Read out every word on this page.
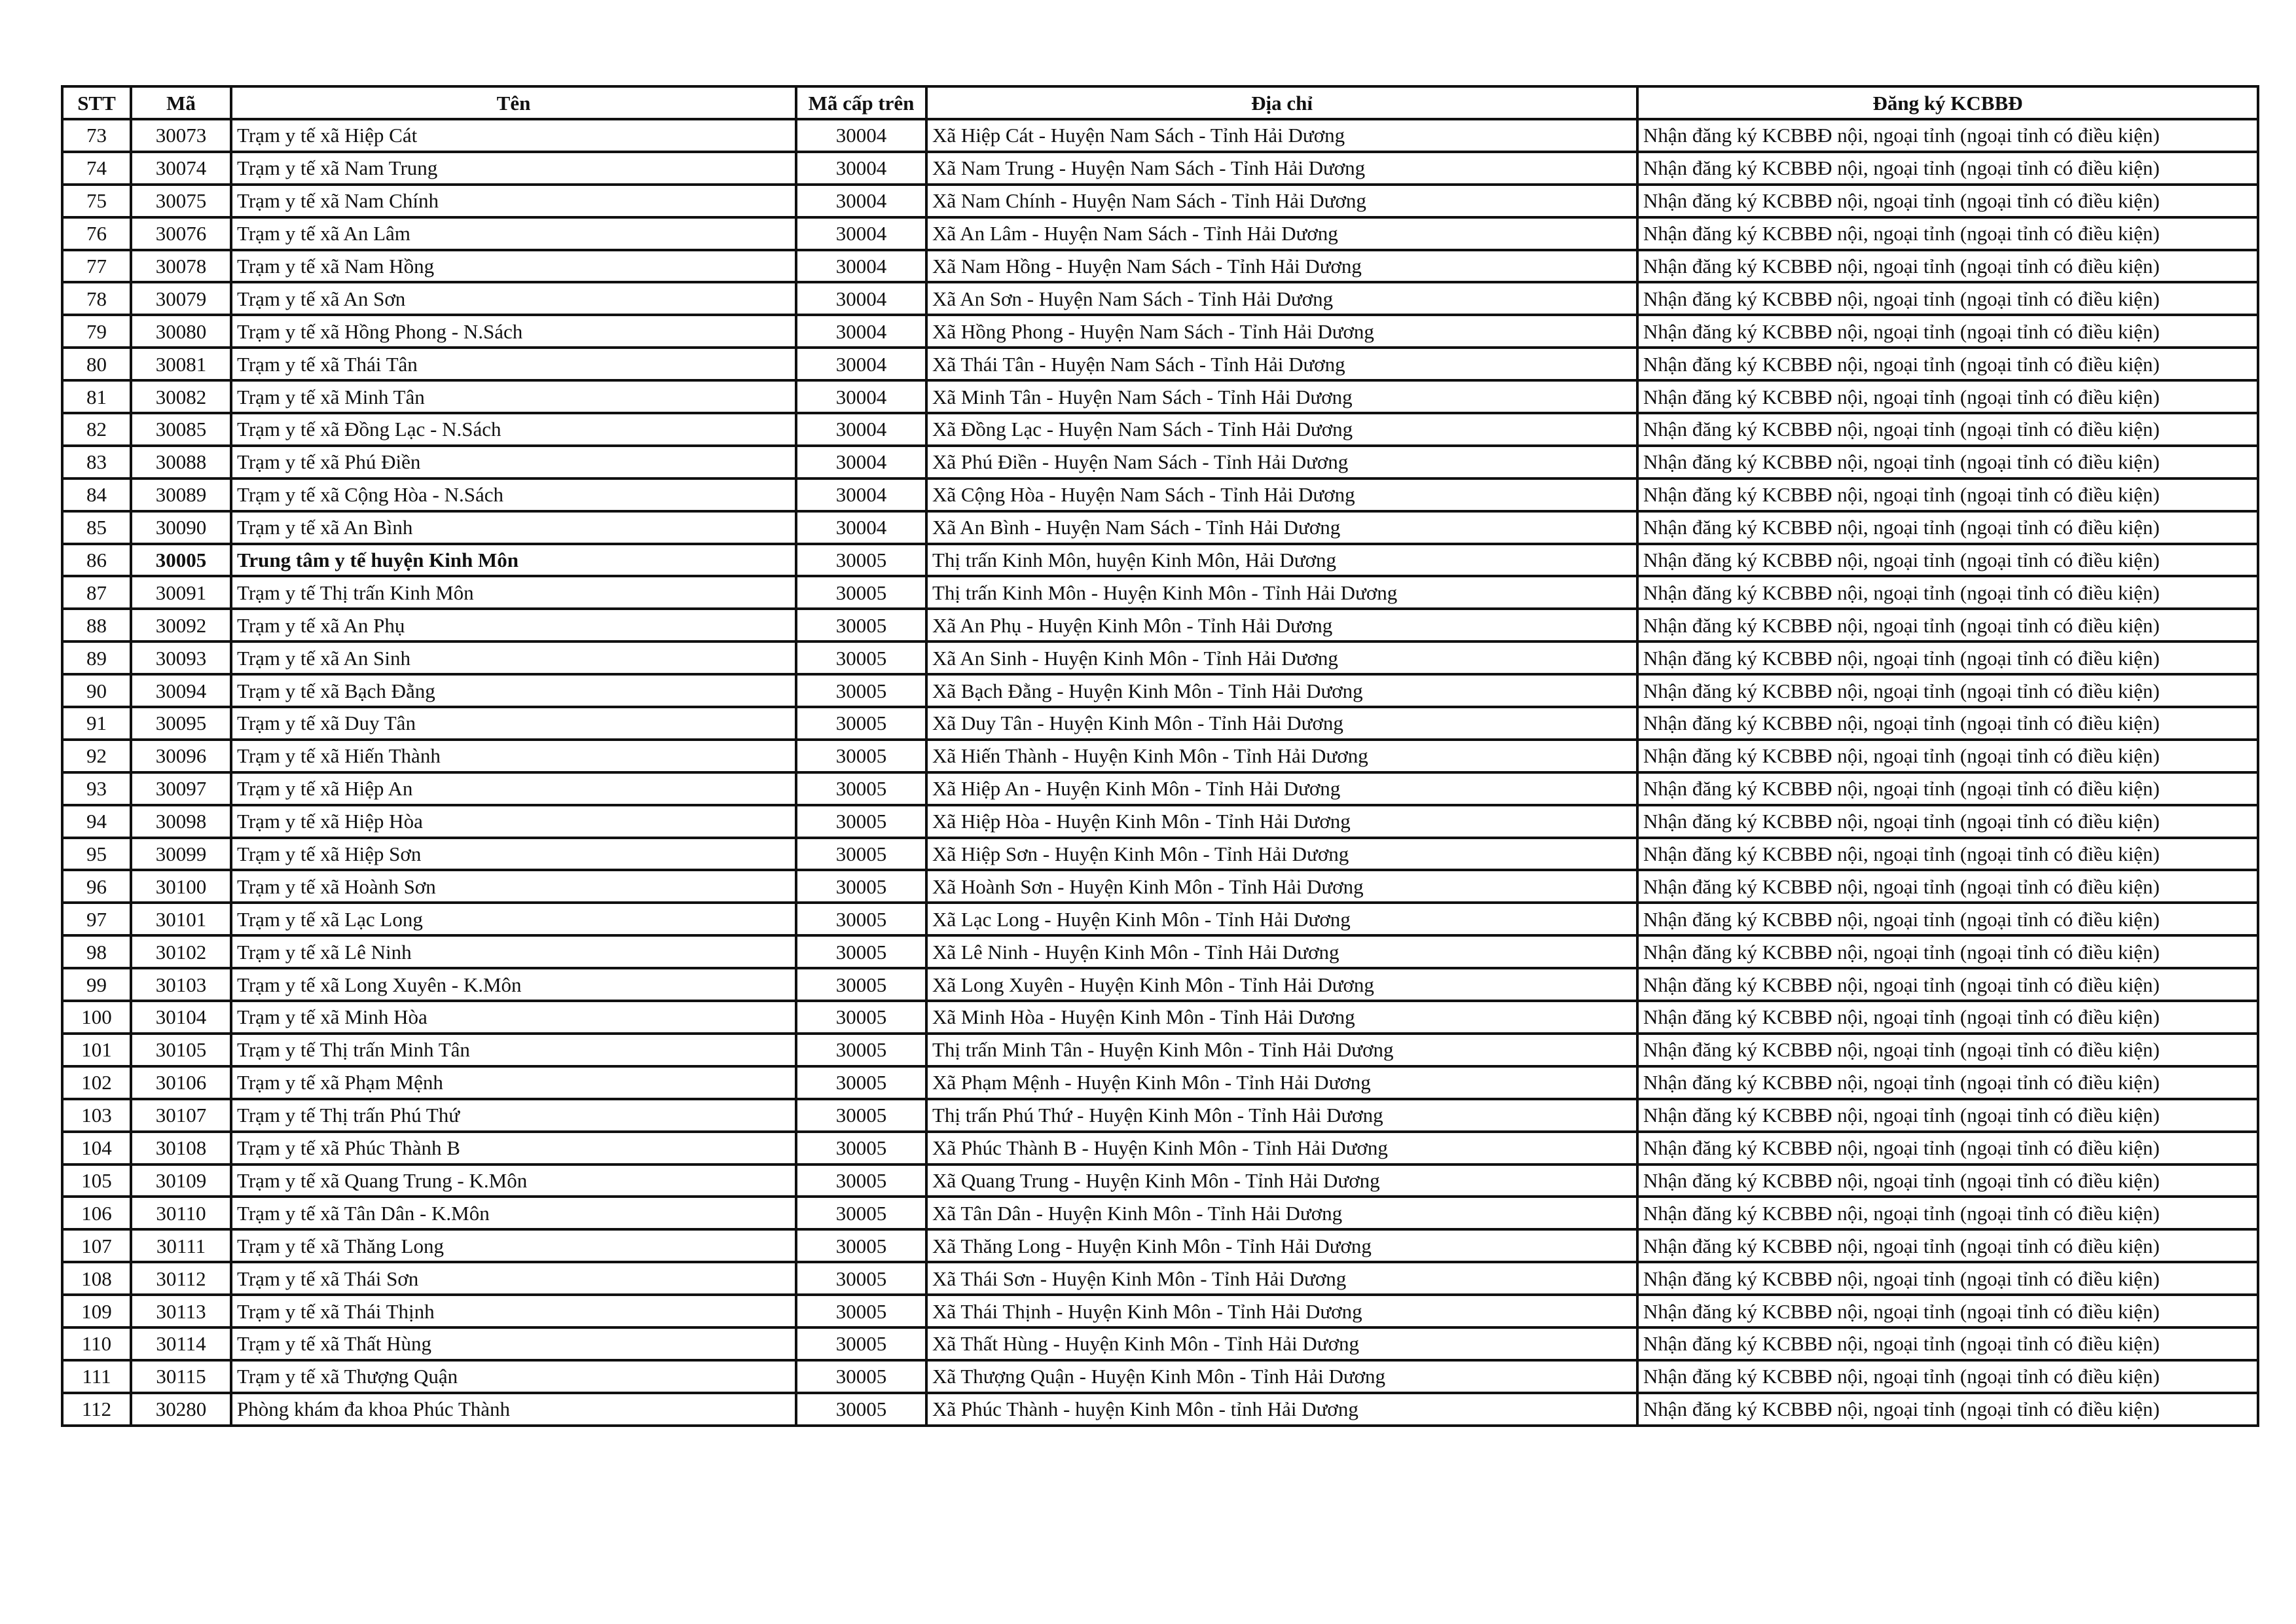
STT	Mã	Tên	Mã cấp trên	Địa chỉ	Đăng ký KCBBĐ
73	30073	Trạm y tế xã Hiệp Cát	30004	Xã Hiệp Cát - Huyện Nam Sách - Tỉnh Hải Dương	Nhận đăng ký KCBBĐ nội, ngoại tỉnh (ngoại tỉnh có điều kiện)
74	30074	Trạm y tế xã Nam Trung	30004	Xã Nam Trung - Huyện Nam Sách - Tỉnh Hải Dương	Nhận đăng ký KCBBĐ nội, ngoại tỉnh (ngoại tỉnh có điều kiện)
75	30075	Trạm y tế xã Nam Chính	30004	Xã Nam Chính - Huyện Nam Sách - Tỉnh Hải Dương	Nhận đăng ký KCBBĐ nội, ngoại tỉnh (ngoại tỉnh có điều kiện)
76	30076	Trạm y tế xã An Lâm	30004	Xã An Lâm - Huyện Nam Sách - Tỉnh Hải Dương	Nhận đăng ký KCBBĐ nội, ngoại tỉnh (ngoại tỉnh có điều kiện)
77	30078	Trạm y tế xã Nam Hồng	30004	Xã Nam Hồng - Huyện Nam Sách - Tỉnh Hải Dương	Nhận đăng ký KCBBĐ nội, ngoại tỉnh (ngoại tỉnh có điều kiện)
78	30079	Trạm y tế xã An Sơn	30004	Xã An Sơn - Huyện Nam Sách - Tỉnh Hải Dương	Nhận đăng ký KCBBĐ nội, ngoại tỉnh (ngoại tỉnh có điều kiện)
79	30080	Trạm y tế xã Hồng Phong - N.Sách	30004	Xã Hồng Phong - Huyện Nam Sách - Tỉnh Hải Dương	Nhận đăng ký KCBBĐ nội, ngoại tỉnh (ngoại tỉnh có điều kiện)
80	30081	Trạm y tế xã Thái Tân	30004	Xã Thái Tân - Huyện Nam Sách - Tỉnh Hải Dương	Nhận đăng ký KCBBĐ nội, ngoại tỉnh (ngoại tỉnh có điều kiện)
81	30082	Trạm y tế xã Minh Tân	30004	Xã Minh Tân - Huyện Nam Sách - Tỉnh Hải Dương	Nhận đăng ký KCBBĐ nội, ngoại tỉnh (ngoại tỉnh có điều kiện)
82	30085	Trạm y tế xã Đồng Lạc - N.Sách	30004	Xã Đồng Lạc - Huyện Nam Sách - Tỉnh Hải Dương	Nhận đăng ký KCBBĐ nội, ngoại tỉnh (ngoại tỉnh có điều kiện)
83	30088	Trạm y tế xã Phú Điền	30004	Xã Phú Điền - Huyện Nam Sách - Tỉnh Hải Dương	Nhận đăng ký KCBBĐ nội, ngoại tỉnh (ngoại tỉnh có điều kiện)
84	30089	Trạm y tế xã Cộng Hòa - N.Sách	30004	Xã Cộng Hòa - Huyện Nam Sách - Tỉnh Hải Dương	Nhận đăng ký KCBBĐ nội, ngoại tỉnh (ngoại tỉnh có điều kiện)
85	30090	Trạm y tế xã An Bình	30004	Xã An Bình - Huyện Nam Sách - Tỉnh Hải Dương	Nhận đăng ký KCBBĐ nội, ngoại tỉnh (ngoại tỉnh có điều kiện)
86	30005	Trung tâm y tế huyện Kinh Môn	30005	Thị trấn Kinh Môn, huyện Kinh Môn, Hải Dương	Nhận đăng ký KCBBĐ nội, ngoại tỉnh (ngoại tỉnh có điều kiện)
87	30091	Trạm y tế Thị trấn Kinh Môn	30005	Thị trấn Kinh Môn - Huyện Kinh Môn - Tỉnh Hải Dương	Nhận đăng ký KCBBĐ nội, ngoại tỉnh (ngoại tỉnh có điều kiện)
88	30092	Trạm y tế xã An Phụ	30005	Xã An Phụ - Huyện Kinh Môn - Tỉnh Hải Dương	Nhận đăng ký KCBBĐ nội, ngoại tỉnh (ngoại tỉnh có điều kiện)
89	30093	Trạm y tế xã An Sinh	30005	Xã An Sinh - Huyện Kinh Môn - Tỉnh Hải Dương	Nhận đăng ký KCBBĐ nội, ngoại tỉnh (ngoại tỉnh có điều kiện)
90	30094	Trạm y tế xã Bạch Đằng	30005	Xã Bạch Đằng - Huyện Kinh Môn - Tỉnh Hải Dương	Nhận đăng ký KCBBĐ nội, ngoại tỉnh (ngoại tỉnh có điều kiện)
91	30095	Trạm y tế xã Duy Tân	30005	Xã Duy Tân - Huyện Kinh Môn - Tỉnh Hải Dương	Nhận đăng ký KCBBĐ nội, ngoại tỉnh (ngoại tỉnh có điều kiện)
92	30096	Trạm y tế xã Hiến Thành	30005	Xã Hiến Thành - Huyện Kinh Môn - Tỉnh Hải Dương	Nhận đăng ký KCBBĐ nội, ngoại tỉnh (ngoại tỉnh có điều kiện)
93	30097	Trạm y tế xã Hiệp An	30005	Xã Hiệp An - Huyện Kinh Môn - Tỉnh Hải Dương	Nhận đăng ký KCBBĐ nội, ngoại tỉnh (ngoại tỉnh có điều kiện)
94	30098	Trạm y tế xã Hiệp Hòa	30005	Xã Hiệp Hòa - Huyện Kinh Môn - Tỉnh Hải Dương	Nhận đăng ký KCBBĐ nội, ngoại tỉnh (ngoại tỉnh có điều kiện)
95	30099	Trạm y tế xã Hiệp Sơn	30005	Xã Hiệp Sơn - Huyện Kinh Môn - Tỉnh Hải Dương	Nhận đăng ký KCBBĐ nội, ngoại tỉnh (ngoại tỉnh có điều kiện)
96	30100	Trạm y tế xã Hoành Sơn	30005	Xã Hoành Sơn - Huyện Kinh Môn - Tỉnh Hải Dương	Nhận đăng ký KCBBĐ nội, ngoại tỉnh (ngoại tỉnh có điều kiện)
97	30101	Trạm y tế xã Lạc Long	30005	Xã Lạc Long - Huyện Kinh Môn - Tỉnh Hải Dương	Nhận đăng ký KCBBĐ nội, ngoại tỉnh (ngoại tỉnh có điều kiện)
98	30102	Trạm y tế xã Lê Ninh	30005	Xã Lê Ninh - Huyện Kinh Môn - Tỉnh Hải Dương	Nhận đăng ký KCBBĐ nội, ngoại tỉnh (ngoại tỉnh có điều kiện)
99	30103	Trạm y tế xã Long Xuyên - K.Môn	30005	Xã Long Xuyên - Huyện Kinh Môn - Tỉnh Hải Dương	Nhận đăng ký KCBBĐ nội, ngoại tỉnh (ngoại tỉnh có điều kiện)
100	30104	Trạm y tế xã Minh Hòa	30005	Xã Minh Hòa - Huyện Kinh Môn - Tỉnh Hải Dương	Nhận đăng ký KCBBĐ nội, ngoại tỉnh (ngoại tỉnh có điều kiện)
101	30105	Trạm y tế Thị trấn Minh Tân	30005	Thị trấn Minh Tân - Huyện Kinh Môn - Tỉnh Hải Dương	Nhận đăng ký KCBBĐ nội, ngoại tỉnh (ngoại tỉnh có điều kiện)
102	30106	Trạm y tế xã Phạm Mệnh	30005	Xã Phạm Mệnh - Huyện Kinh Môn - Tỉnh Hải Dương	Nhận đăng ký KCBBĐ nội, ngoại tỉnh (ngoại tỉnh có điều kiện)
103	30107	Trạm y tế Thị trấn Phú Thứ	30005	Thị trấn Phú Thứ - Huyện Kinh Môn - Tỉnh Hải Dương	Nhận đăng ký KCBBĐ nội, ngoại tỉnh (ngoại tỉnh có điều kiện)
104	30108	Trạm y tế xã Phúc Thành B	30005	Xã Phúc Thành B - Huyện Kinh Môn - Tỉnh Hải Dương	Nhận đăng ký KCBBĐ nội, ngoại tỉnh (ngoại tỉnh có điều kiện)
105	30109	Trạm y tế xã Quang Trung - K.Môn	30005	Xã Quang Trung - Huyện Kinh Môn - Tỉnh Hải Dương	Nhận đăng ký KCBBĐ nội, ngoại tỉnh (ngoại tỉnh có điều kiện)
106	30110	Trạm y tế xã Tân Dân - K.Môn	30005	Xã Tân Dân - Huyện Kinh Môn - Tỉnh Hải Dương	Nhận đăng ký KCBBĐ nội, ngoại tỉnh (ngoại tỉnh có điều kiện)
107	30111	Trạm y tế xã Thăng Long	30005	Xã Thăng Long - Huyện Kinh Môn - Tỉnh Hải Dương	Nhận đăng ký KCBBĐ nội, ngoại tỉnh (ngoại tỉnh có điều kiện)
108	30112	Trạm y tế xã Thái Sơn	30005	Xã Thái Sơn - Huyện Kinh Môn - Tỉnh Hải Dương	Nhận đăng ký KCBBĐ nội, ngoại tỉnh (ngoại tỉnh có điều kiện)
109	30113	Trạm y tế xã Thái Thịnh	30005	Xã Thái Thịnh - Huyện Kinh Môn - Tỉnh Hải Dương	Nhận đăng ký KCBBĐ nội, ngoại tỉnh (ngoại tỉnh có điều kiện)
110	30114	Trạm y tế xã Thất Hùng	30005	Xã Thất Hùng - Huyện Kinh Môn - Tỉnh Hải Dương	Nhận đăng ký KCBBĐ nội, ngoại tỉnh (ngoại tỉnh có điều kiện)
111	30115	Trạm y tế xã Thượng Quận	30005	Xã Thượng Quận - Huyện Kinh Môn - Tỉnh Hải Dương	Nhận đăng ký KCBBĐ nội, ngoại tỉnh (ngoại tỉnh có điều kiện)
112	30280	Phòng khám đa khoa Phúc Thành	30005	Xã Phúc Thành - huyện Kinh Môn - tỉnh Hải Dương	Nhận đăng ký KCBBĐ nội, ngoại tỉnh (ngoại tỉnh có điều kiện)
